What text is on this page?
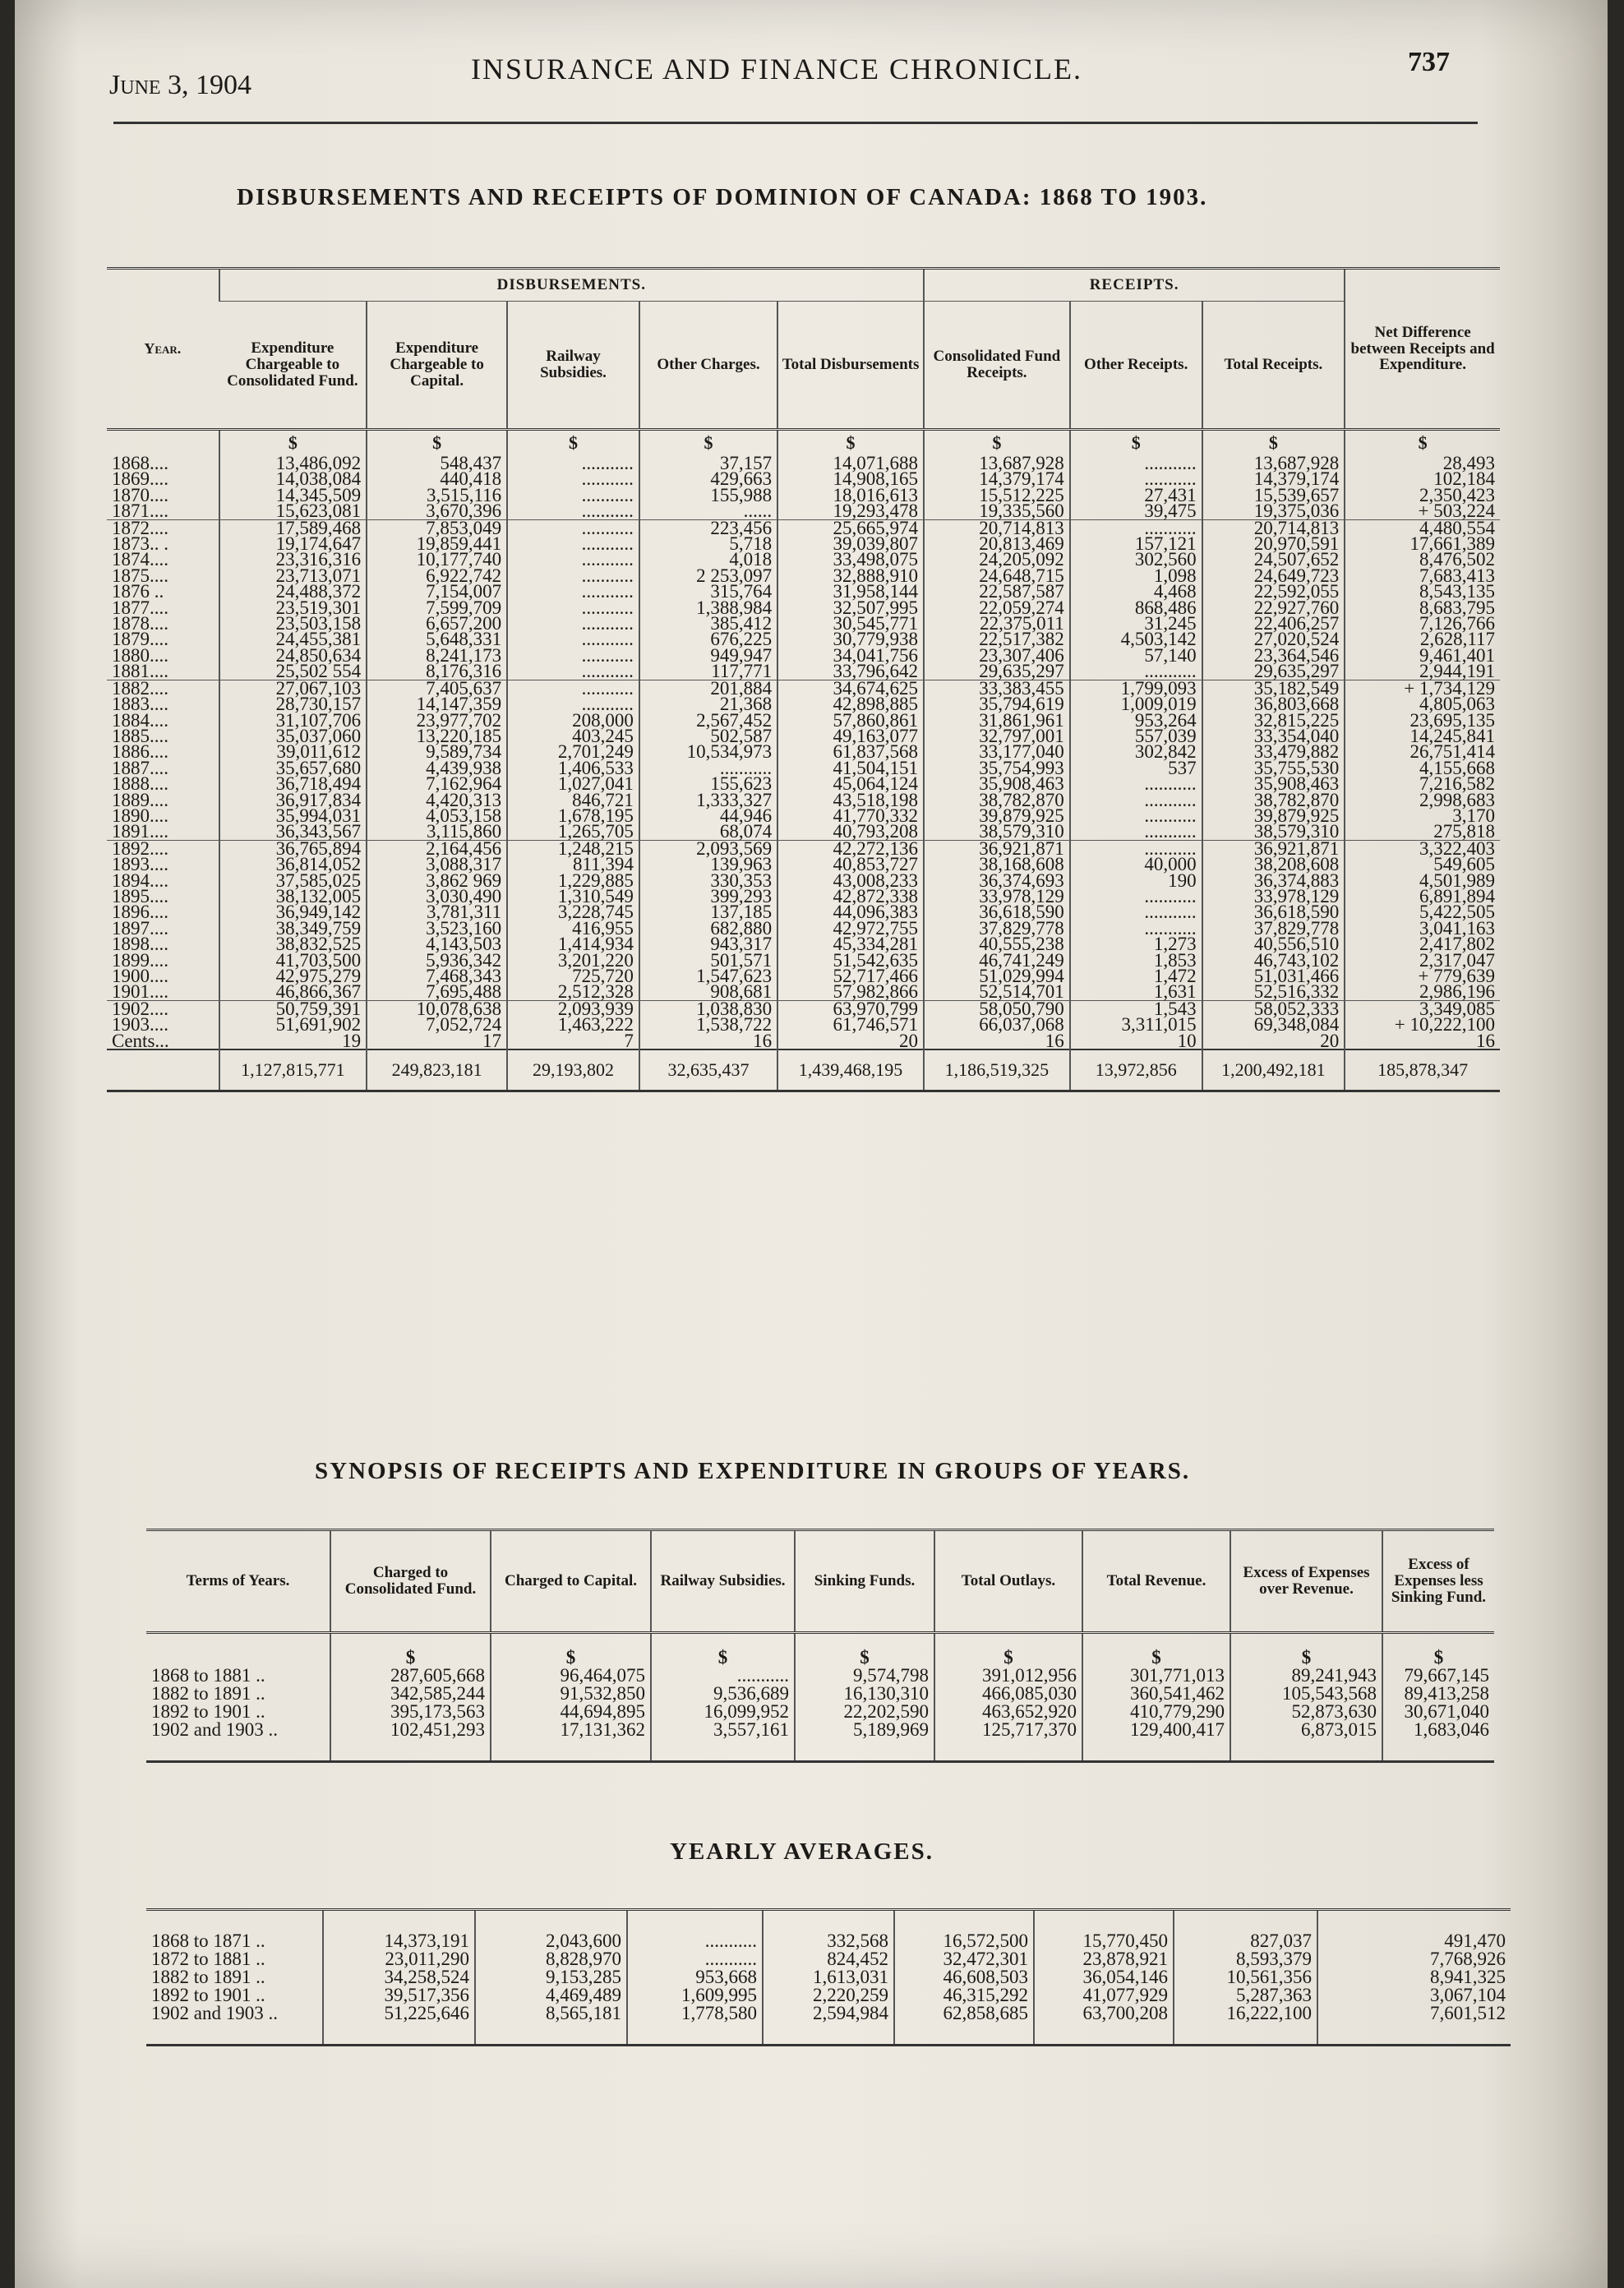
June 3, 1904	INSURANCE AND FINANCE CHRONICLE.	737
DISBURSEMENTS AND RECEIPTS OF DOMINION OF CANADA: 1868 TO 1903.
Year.	DISBURSEMENTS.					RECEIPTS.			Net Difference between Receipts and Expenditure.
	Expenditure Chargeable to Consolidated Fund.	Expenditure Chargeable to Capital.	Railway Subsidies.	Other Charges.	Total Disbursements	Consolidated Fund Receipts.	Other Receipts.	Total Receipts.	
	$	$	$	$	$	$	$	$	$
1868....	13,486,092	548,437	...........	37,157	14,071,688	13,687,928	...........	13,687,928	28,493
1869....	14,038,084	440,418	...........	429,663	14,908,165	14,379,174	...........	14,379,174	102,184
1870....	14,345,509	3,515,116	...........	155,988	18,016,613	15,512,225	27,431	15,539,657	2,350,423
1871....	15,623,081	3,670,396	...........	......	19,293,478	19,335,560	39,475	19,375,036	+ 503,224
1872....	17,589,468	7,853,049	...........	223,456	25,665,974	20,714,813	...........	20,714,813	4,480,554
1873.. .	19,174,647	19,859,441	...........	5,718	39,039,807	20,813,469	157,121	20,970,591	17,661,389
1874....	23,316,316	10,177,740	...........	4,018	33,498,075	24,205,092	302,560	24,507,652	8,476,502
1875....	23,713,071	6,922,742	...........	2 253,097	32,888,910	24,648,715	1,098	24,649,723	7,683,413
1876 ..	24,488,372	7,154,007	...........	315,764	31,958,144	22,587,587	4,468	22,592,055	8,543,135
1877....	23,519,301	7,599,709	...........	1,388,984	32,507,995	22,059,274	868,486	22,927,760	8,683,795
1878....	23,503,158	6,657,200	...........	385,412	30,545,771	22,375,011	31,245	22,406,257	7,126,766
1879....	24,455,381	5,648,331	...........	676,225	30,779,938	22,517,382	4,503,142	27,020,524	2,628,117
1880....	24,850,634	8,241,173	...........	949,947	34,041,756	23,307,406	57,140	23,364,546	9,461,401
1881....	25,502 554	8,176,316	...........	117,771	33,796,642	29,635,297	...........	29,635,297	2,944,191
1882....	27,067,103	7,405,637	...........	201,884	34,674,625	33,383,455	1,799,093	35,182,549	+ 1,734,129
1883....	28,730,157	14,147,359	...........	21,368	42,898,885	35,794,619	1,009,019	36,803,668	4,805,063
1884....	31,107,706	23,977,702	208,000	2,567,452	57,860,861	31,861,961	953,264	32,815,225	23,695,135
1885....	35,037,060	13,220,185	403,245	502,587	49,163,077	32,797,001	557,039	33,354,040	14,245,841
1886....	39,011,612	9,589,734	2,701,249	10,534,973	61,837,568	33,177,040	302,842	33,479,882	26,751,414
1887....	35,657,680	4,439,938	1,406,533	...........	41,504,151	35,754,993	537	35,755,530	4,155,668
1888....	36,718,494	7,162,964	1,027,041	155,623	45,064,124	35,908,463	...........	35,908,463	7,216,582
1889....	36,917,834	4,420,313	846,721	1,333,327	43,518,198	38,782,870	...........	38,782,870	2,998,683
1890....	35,994,031	4,053,158	1,678,195	44,946	41,770,332	39,879,925	...........	39,879,925	3,170
1891....	36,343,567	3,115,860	1,265,705	68,074	40,793,208	38,579,310	...........	38,579,310	275,818
1892....	36,765,894	2,164,456	1,248,215	2,093,569	42,272,136	36,921,871	...........	36,921,871	3,322,403
1893....	36,814,052	3,088,317	811,394	139,963	40,853,727	38,168,608	40,000	38,208,608	549,605
1894....	37,585,025	3,862 969	1,229,885	330,353	43,008,233	36,374,693	190	36,374,883	4,501,989
1895....	38,132,005	3,030,490	1,310,549	399,293	42,872,338	33,978,129	...........	33,978,129	6,891,894
1896....	36,949,142	3,781,311	3,228,745	137,185	44,096,383	36,618,590	...........	36,618,590	5,422,505
1897....	38,349,759	3,523,160	416,955	682,880	42,972,755	37,829,778	...........	37,829,778	3,041,163
1898....	38,832,525	4,143,503	1,414,934	943,317	45,334,281	40,555,238	1,273	40,556,510	2,417,802
1899....	41,703,500	5,936,342	3,201,220	501,571	51,542,635	46,741,249	1,853	46,743,102	2,317,047
1900....	42,975,279	7,468,343	725,720	1,547,623	52,717,466	51,029,994	1,472	51,031,466	+ 779,639
1901....	46,866,367	7,695,488	2,512,328	908,681	57,982,866	52,514,701	1,631	52,516,332	2,986,196
1902....	50,759,391	10,078,638	2,093,939	1,038,830	63,970,799	58,050,790	1,543	58,052,333	3,349,085
1903....	51,691,902	7,052,724	1,463,222	1,538,722	61,746,571	66,037,068	3,311,015	69,348,084	+ 10,222,100
Cents...	19	17	7	16	20	16	10	20	16
	1,127,815,771	249,823,181	29,193,802	32,635,437	1,439,468,195	1,186,519,325	13,972,856	1,200,492,181	185,878,347
SYNOPSIS OF RECEIPTS AND EXPENDITURE IN GROUPS OF YEARS.
Terms of Years.	Charged to Consolidated Fund.	Charged to Capital.	Railway Subsidies.	Sinking Funds.	Total Outlays.	Total Revenue.	Excess of Expenses over Revenue.	Excess of Expenses less Sinking Fund.
	$	$	$	$	$	$	$	$
1868 to 1881 ..	287,605,668	96,464,075	...........	9,574,798	391,012,956	301,771,013	89,241,943	79,667,145
1882 to 1891 ..	342,585,244	91,532,850	9,536,689	16,130,310	466,085,030	360,541,462	105,543,568	89,413,258
1892 to 1901 ..	395,173,563	44,694,895	16,099,952	22,202,590	463,652,920	410,779,290	52,873,630	30,671,040
1902 and 1903 ..	102,451,293	17,131,362	3,557,161	5,189,969	125,717,370	129,400,417	6,873,015	1,683,046

YEARLY AVERAGES.

1868 to 1871 ..	14,373,191	2,043,600	...........	332,568	16,572,500	15,770,450	827,037	491,470
1872 to 1881 ..	23,011,290	8,828,970	...........	824,452	32,472,301	23,878,921	8,593,379	7,768,926
1882 to 1891 ..	34,258,524	9,153,285	953,668	1,613,031	46,608,503	36,054,146	10,561,356	8,941,325
1892 to 1901 ..	39,517,356	4,469,489	1,609,995	2,220,259	46,315,292	41,077,929	5,287,363	3,067,104
1902 and 1903 ..	51,225,646	8,565,181	1,778,580	2,594,984	62,858,685	63,700,208	16,222,100	7,601,512
